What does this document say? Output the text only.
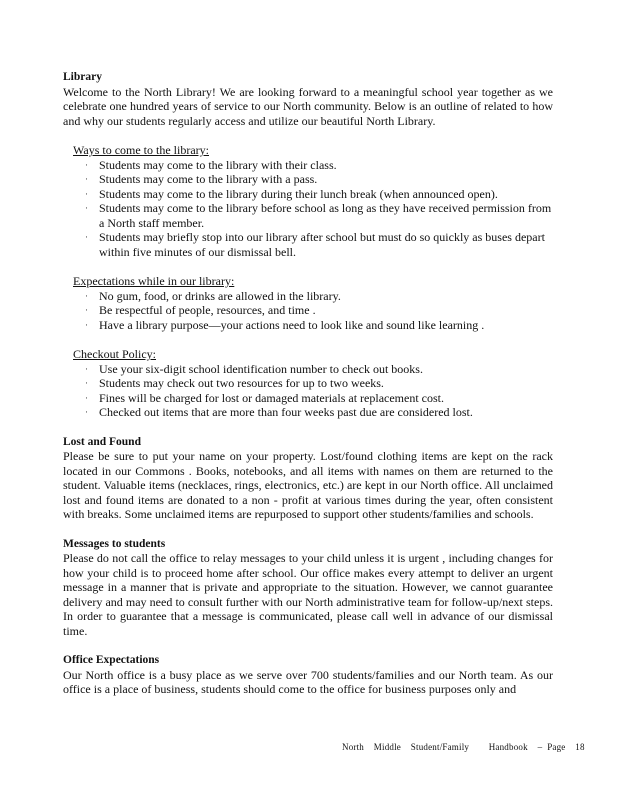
Library

Welcome to the North Library! We are looking forward to a meaningful school year together as we celebrate one hundred years of service to our North community. Below is an outline of related to how and why our students regularly access and utilize our beautiful North Library.

Ways to come to the library:

· Students may come to the library with their class.
· Students may come to the library with a pass.
· Students may come to the library during their lunch break (when announced open).
· Students may come to the library before school as long as they have received permission from a North staff member.
· Students may briefly stop into our library after school but must do so quickly as buses depart within five minutes of our dismissal bell.

Expectations while in our library:

· No gum, food, or drinks are allowed in the library.
· Be respectful of people, resources, and time .
· Have a library purpose—your actions need to look like and sound like learning .

Checkout Policy:

· Use your six-digit school identification number to check out books.
· Students may check out two resources for up to two weeks.
· Fines will be charged for lost or damaged materials at replacement cost.
· Checked out items that are more than four weeks past due are considered lost.

Lost and Found

Please be sure to put your name on your property. Lost/found clothing items are kept on the rack located in our Commons . Books, notebooks, and all items with names on them are returned to the student. Valuable items (necklaces, rings, electronics, etc.) are kept in our North office. All unclaimed lost and found items are donated to a non - profit at various times during the year, often consistent with breaks. Some unclaimed items are repurposed to support other students/families and schools.

Messages to students

Please do not call the office to relay messages to your child unless it is urgent , including changes for how your child is to proceed home after school. Our office makes every attempt to deliver an urgent message in a manner that is private and appropriate to the situation. However, we cannot guarantee delivery and may need to consult further with our North administrative team for follow-up/next steps. In order to guarantee that a message is communicated, please call well in advance of our dismissal time.

Office Expectations

Our North office is a busy place as we serve over 700 students/families and our North team. As our office is a place of business, students should come to the office for business purposes only and

North    Middle    Student/Family        Handbook    –  Page    18
